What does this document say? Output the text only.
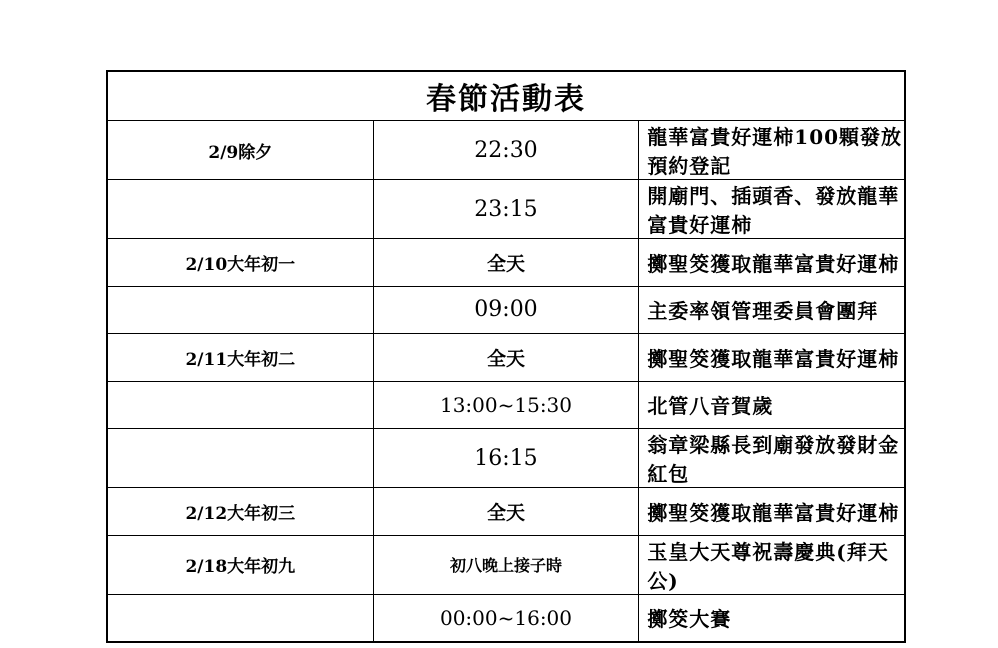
春節活動表		
2/9除夕	22:30	龍華富貴好運柿100顆發放預約登記
	23:15	開廟門、插頭香、發放龍華富貴好運柿
2/10大年初一	全天	擲聖筊獲取龍華富貴好運柿
	09:00	主委率領管理委員會團拜
2/11大年初二	全天	擲聖筊獲取龍華富貴好運柿
	13:00~15:30	北管八音賀歲
	16:15	翁章梁縣長到廟發放發財金紅包
2/12大年初三	全天	擲聖筊獲取龍華富貴好運柿
2/18大年初九	初八晚上接子時	玉皇大天尊祝壽慶典(拜天公)
	00:00~16:00	擲筊大賽
